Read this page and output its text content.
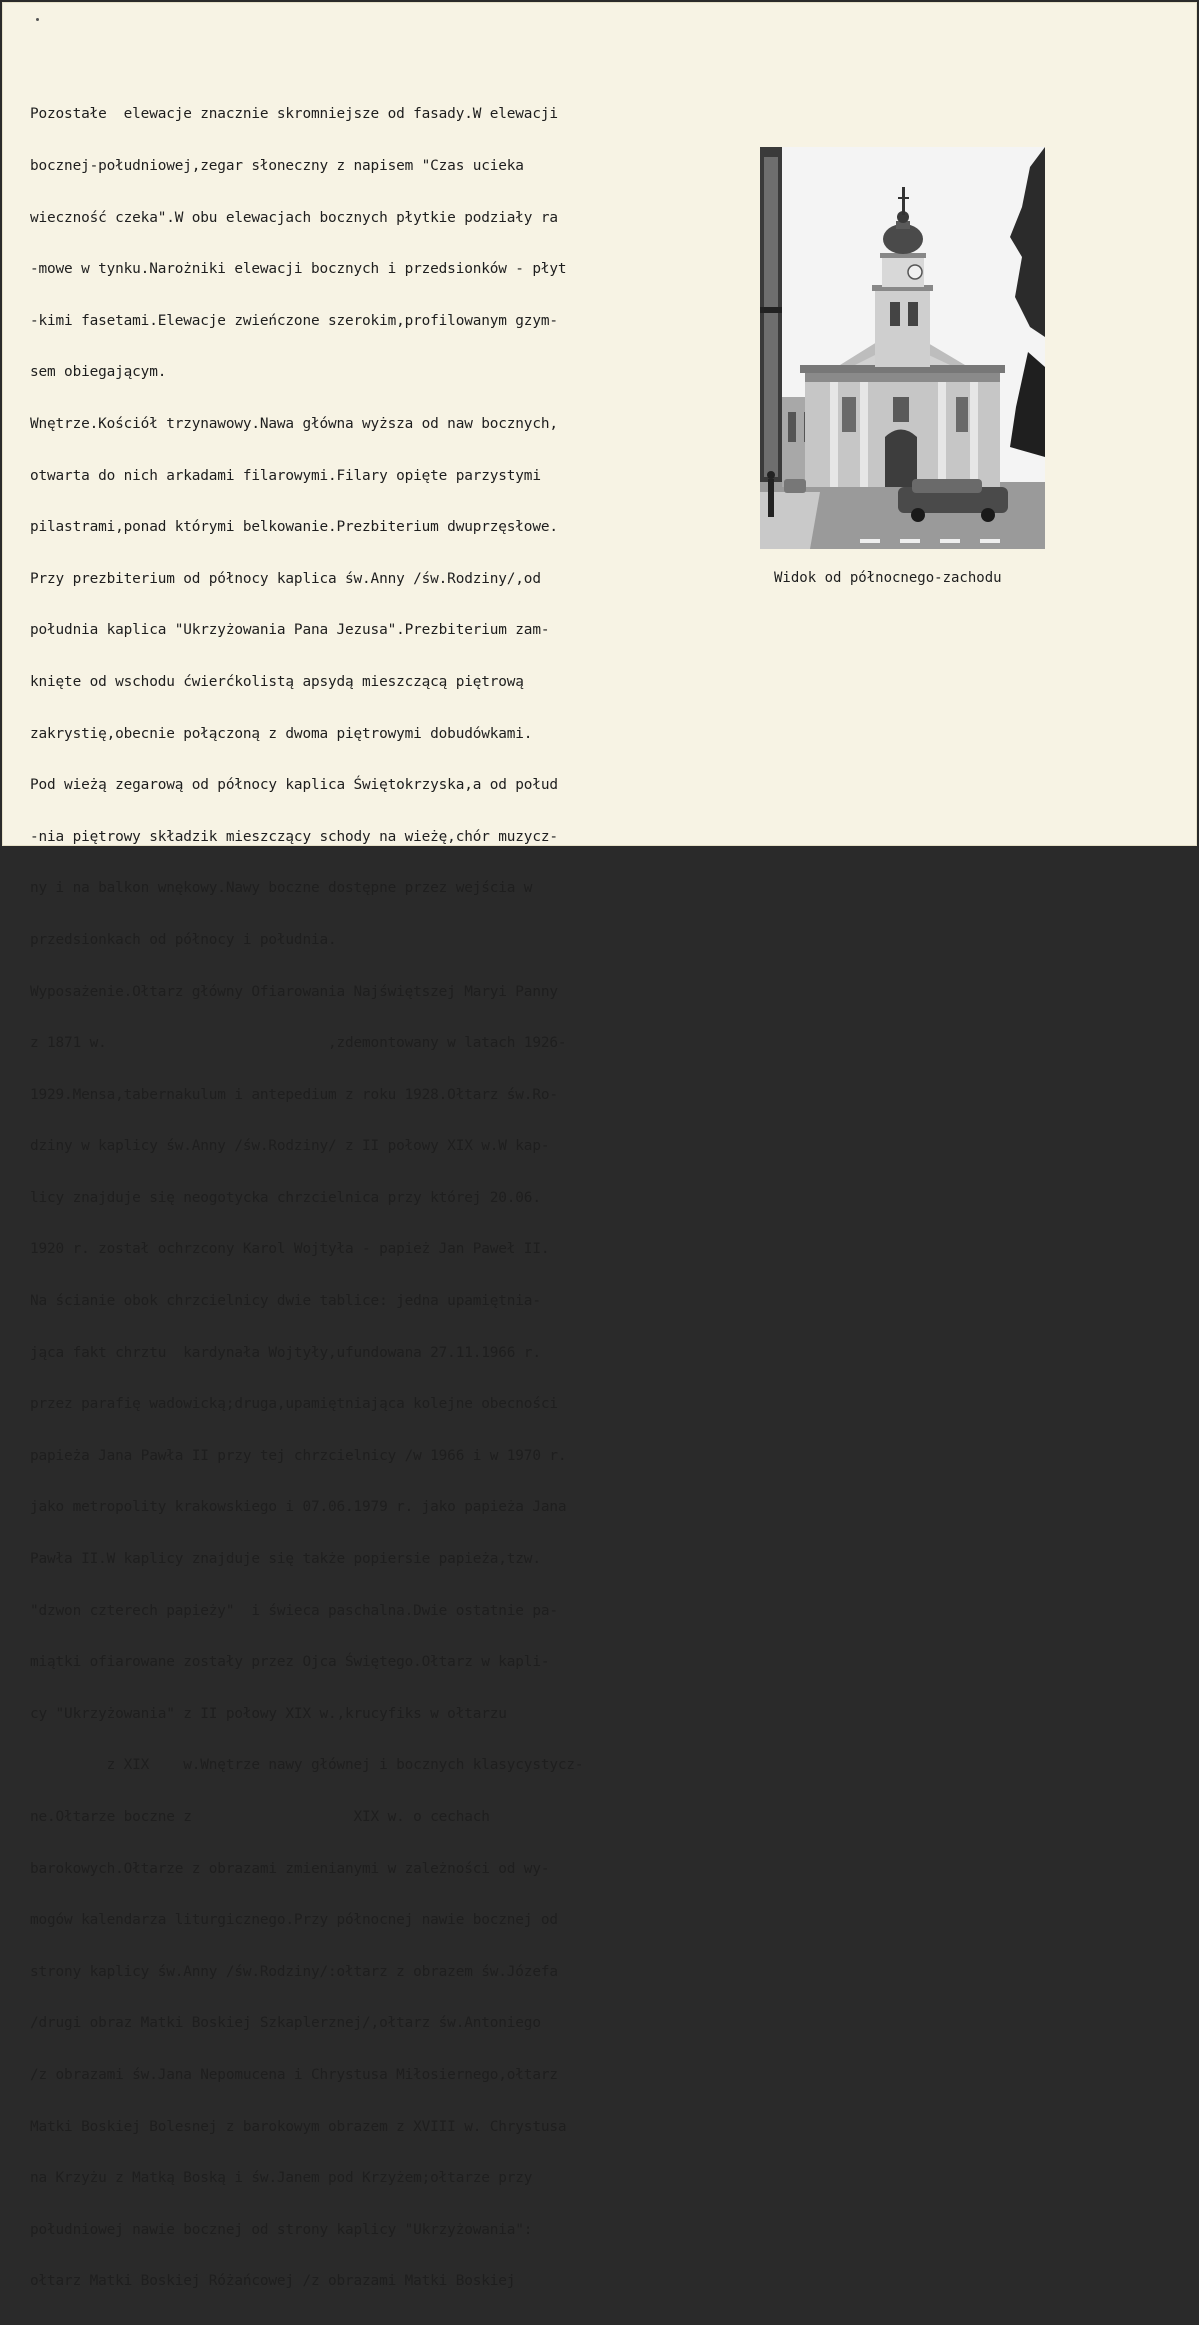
Pozostałe  elewacje znacznie skromniejsze od fasady.W elewacji

bocznej-południowej,zegar słoneczny z napisem "Czas ucieka

wieczność czeka".W obu elewacjach bocznych płytkie podziały ra

-mowe w tynku.Narożniki elewacji bocznych i przedsionków - płyt

-kimi fasetami.Elewacje zwieńczone szerokim,profilowanym gzym-

sem obiegającym.

Wnętrze.Kościół trzynawowy.Nawa główna wyższa od naw bocznych,

otwarta do nich arkadami filarowymi.Filary opięte parzystymi

pilastrami,ponad którymi belkowanie.Prezbiterium dwuprzęsłowe.

Przy prezbiterium od północy kaplica św.Anny /św.Rodziny/,od

południa kaplica "Ukrzyżowania Pana Jezusa".Prezbiterium zam-

knięte od wschodu ćwierćkolistą apsydą mieszczącą piętrową

zakrystię,obecnie połączoną z dwoma piętrowymi dobudówkami.

Pod wieżą zegarową od północy kaplica Świętokrzyska,a od połud

-nia piętrowy składzik mieszczący schody na wieżę,chór muzycz-

ny i na balkon wnękowy.Nawy boczne dostępne przez wejścia w

przedsionkach od północy i południa.

Wyposażenie.Ołtarz główny Ofiarowania Najświętszej Maryi Panny

z 1871 w.                          ,zdemontowany w latach 1926-

1929.Mensa,tabernakulum i antepedium z roku 1928.Ołtarz św.Ro-

dziny w kaplicy św.Anny /św.Rodziny/ z II połowy XIX w.W kap-

licy znajduje się neogotycka chrzcielnica przy której 20.06.

1920 r. został ochrzcony Karol Wojtyła - papież Jan Paweł II.

Na ścianie obok chrzcielnicy dwie tablice: jedna upamiętnia-

jąca fakt chrztu  kardynała Wojtyły,ufundowana 27.11.1966 r.

przez parafię wadowicką;druga,upamiętniająca kolejne obecności

papieża Jana Pawła II przy tej chrzcielnicy /w 1966 i w 1970 r.

jako metropolity krakowskiego i 07.06.1979 r. jako papieża Jana

Pawła II.W kaplicy znajduje się także popiersie papieża,tzw.

"dzwon czterech papieży"  i świeca paschalna.Dwie ostatnie pa-

miątki ofiarowane zostały przez Ojca Świętego.Ołtarz w kapli-

cy "Ukrzyżowania" z II połowy XIX w.,krucyfiks w ołtarzu

z XIX    w.Wnętrze nawy głównej i bocznych klasycystycz-

ne.Ołtarze boczne z                   XIX w. o cechach

barokowych.Ołtarze z obrazami zmienianymi w zależności od wy-

mogów kalendarza liturgicznego.Przy północnej nawie bocznej od

strony kaplicy św.Anny /św.Rodziny/:ołtarz z obrazem św.Józefa

/drugi obraz Matki Boskiej Szkaplerznej/,ołtarz św.Antoniego

/z obrazami św.Jana Nepomucena i Chrystusa Miłosiernego,ołtarz

Matki Boskiej Bolesnej z barokowym obrazem z XVIII w. Chrystusa

na Krzyżu z Matką Boską i św.Janem pod Krzyżem;ołtarze przy

południowej nawie bocznej od strony kaplicy "Ukrzyżowania":

ołtarz Matki Boskiej Różańcowej /z obrazami Matki Boskiej

Widok od północnego-zachodu
